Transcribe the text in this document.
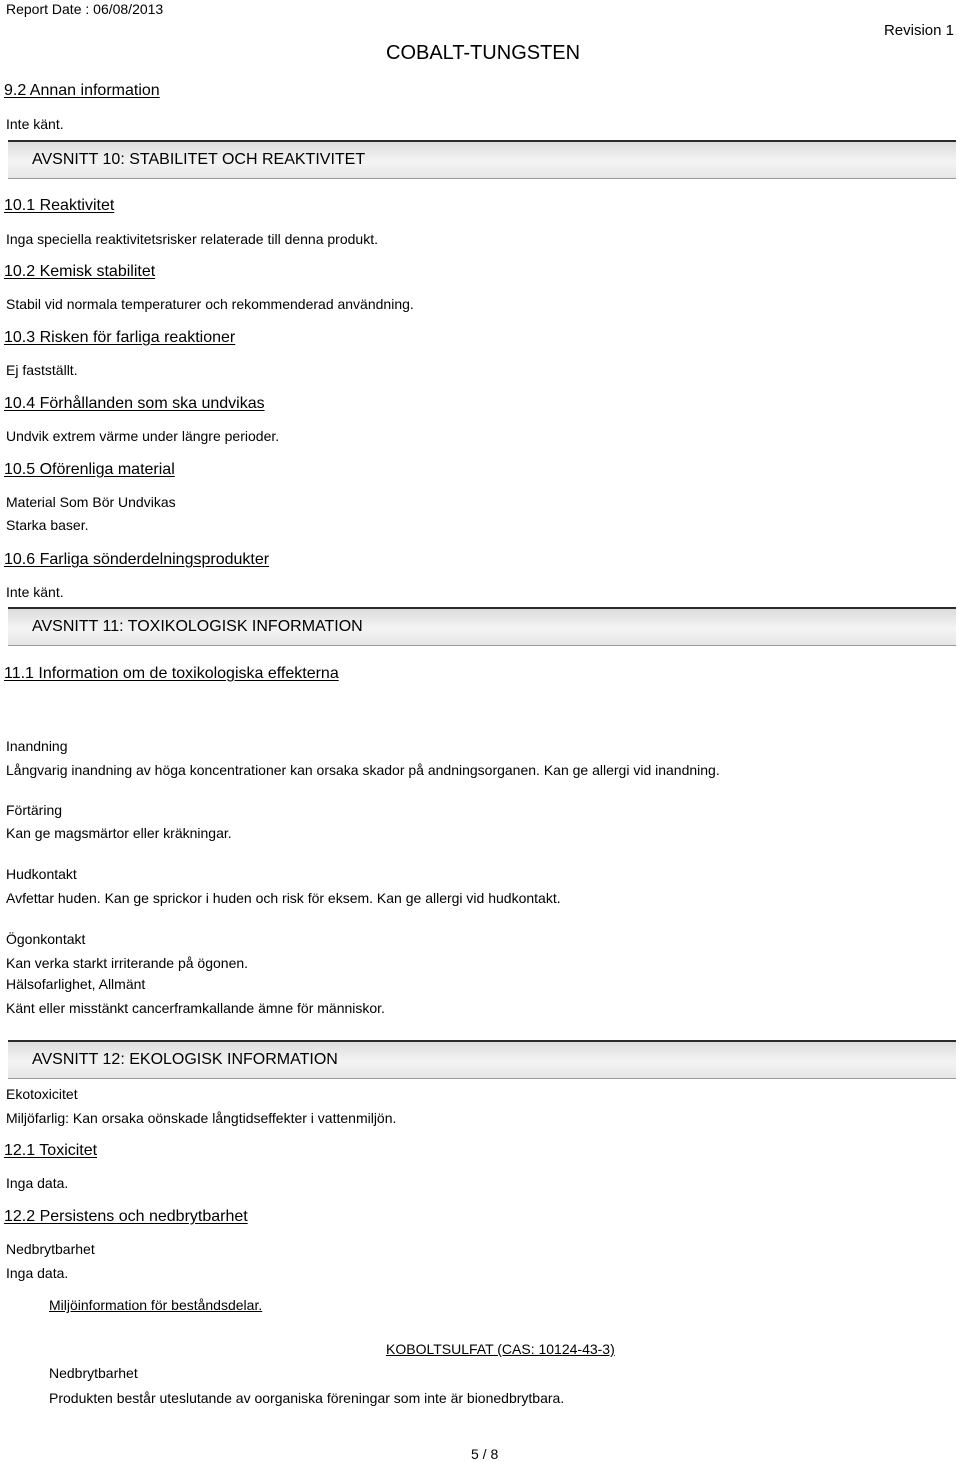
Report Date : 06/08/2013
Revision 1
COBALT-TUNGSTEN
9.2 Annan information
Inte känt.
AVSNITT 10: STABILITET OCH REAKTIVITET
10.1 Reaktivitet
Inga speciella reaktivitetsrisker relaterade till denna produkt.
10.2 Kemisk stabilitet
Stabil vid normala temperaturer och rekommenderad användning.
10.3 Risken för farliga reaktioner
Ej fastställt.
10.4 Förhållanden som ska undvikas
Undvik extrem värme under längre perioder.
10.5 Oförenliga material
Material Som Bör Undvikas
Starka baser.
10.6 Farliga sönderdelningsprodukter
Inte känt.
AVSNITT 11: TOXIKOLOGISK INFORMATION
11.1 Information om de toxikologiska effekterna
Inandning
Långvarig inandning av höga koncentrationer kan orsaka skador på andningsorganen. Kan ge allergi vid inandning.
Förtäring
Kan ge magsmärtor eller kräkningar.
Hudkontakt
Avfettar huden. Kan ge sprickor i huden och risk för eksem. Kan ge allergi vid hudkontakt.
Ögonkontakt
Kan verka starkt irriterande på ögonen.
Hälsofarlighet, Allmänt
Känt eller misstänkt cancerframkallande ämne för människor.
AVSNITT 12: EKOLOGISK INFORMATION
Ekotoxicitet
Miljöfarlig: Kan orsaka oönskade långtidseffekter i vattenmiljön.
12.1 Toxicitet
Inga data.
12.2 Persistens och nedbrytbarhet
Nedbrytbarhet
Inga data.
Miljöinformation för beståndsdelar.
KOBOLTSULFAT (CAS: 10124-43-3)
Nedbrytbarhet
Produkten består uteslutande av oorganiska föreningar som inte är bionedbrytbara.
5 / 8
